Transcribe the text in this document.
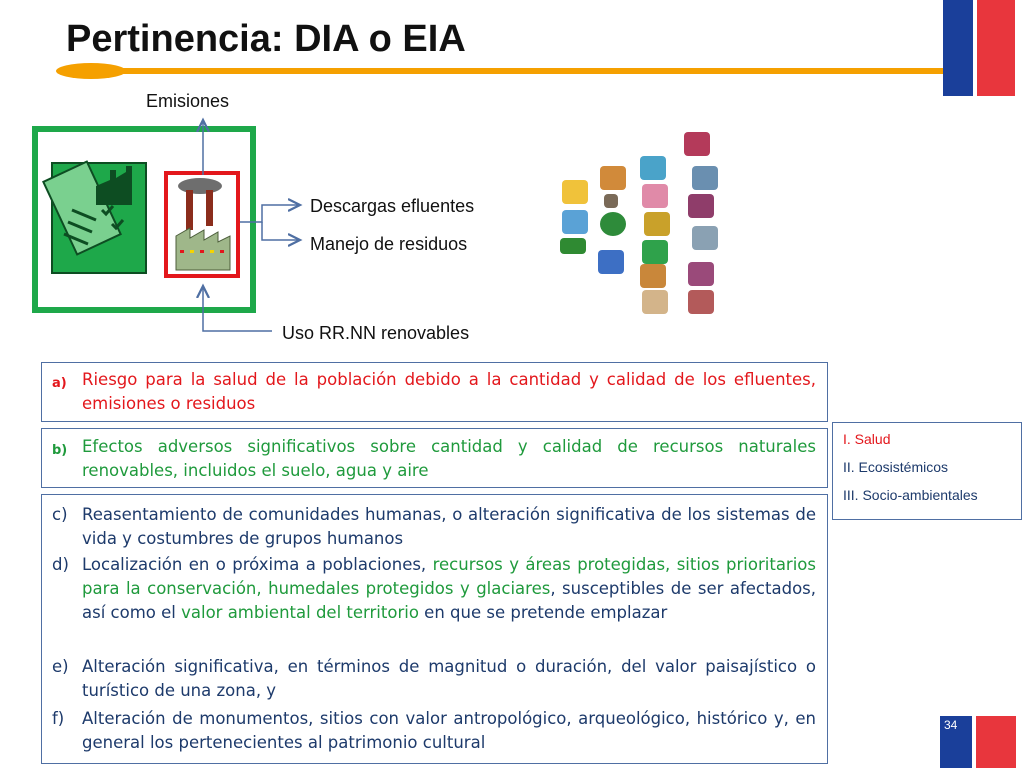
Pertinencia: DIA o EIA
Emisiones
Descargas efluentes
Manejo de residuos
Uso RR.NN renovables
a) Riesgo para la salud de la población debido a la cantidad y calidad de los efluentes, emisiones o residuos
b) Efectos adversos significativos sobre cantidad y calidad de recursos naturales renovables, incluidos el suelo, agua y aire
c) Reasentamiento de comunidades humanas, o alteración significativa de los sistemas de vida y costumbres de grupos humanos
d) Localización en o próxima a poblaciones, recursos y áreas protegidas, sitios prioritarios para la conservación, humedales protegidos y glaciares, susceptibles de ser afectados, así como el valor ambiental del territorio en que se pretende emplazar
e) Alteración significativa, en términos de magnitud o duración, del valor paisajístico o turístico de una zona, y
f) Alteración de monumentos, sitios con valor antropológico, arqueológico, histórico y, en general los pertenecientes al patrimonio cultural
I. Salud
II. Ecosistémicos
III. Socio-ambientales
34
